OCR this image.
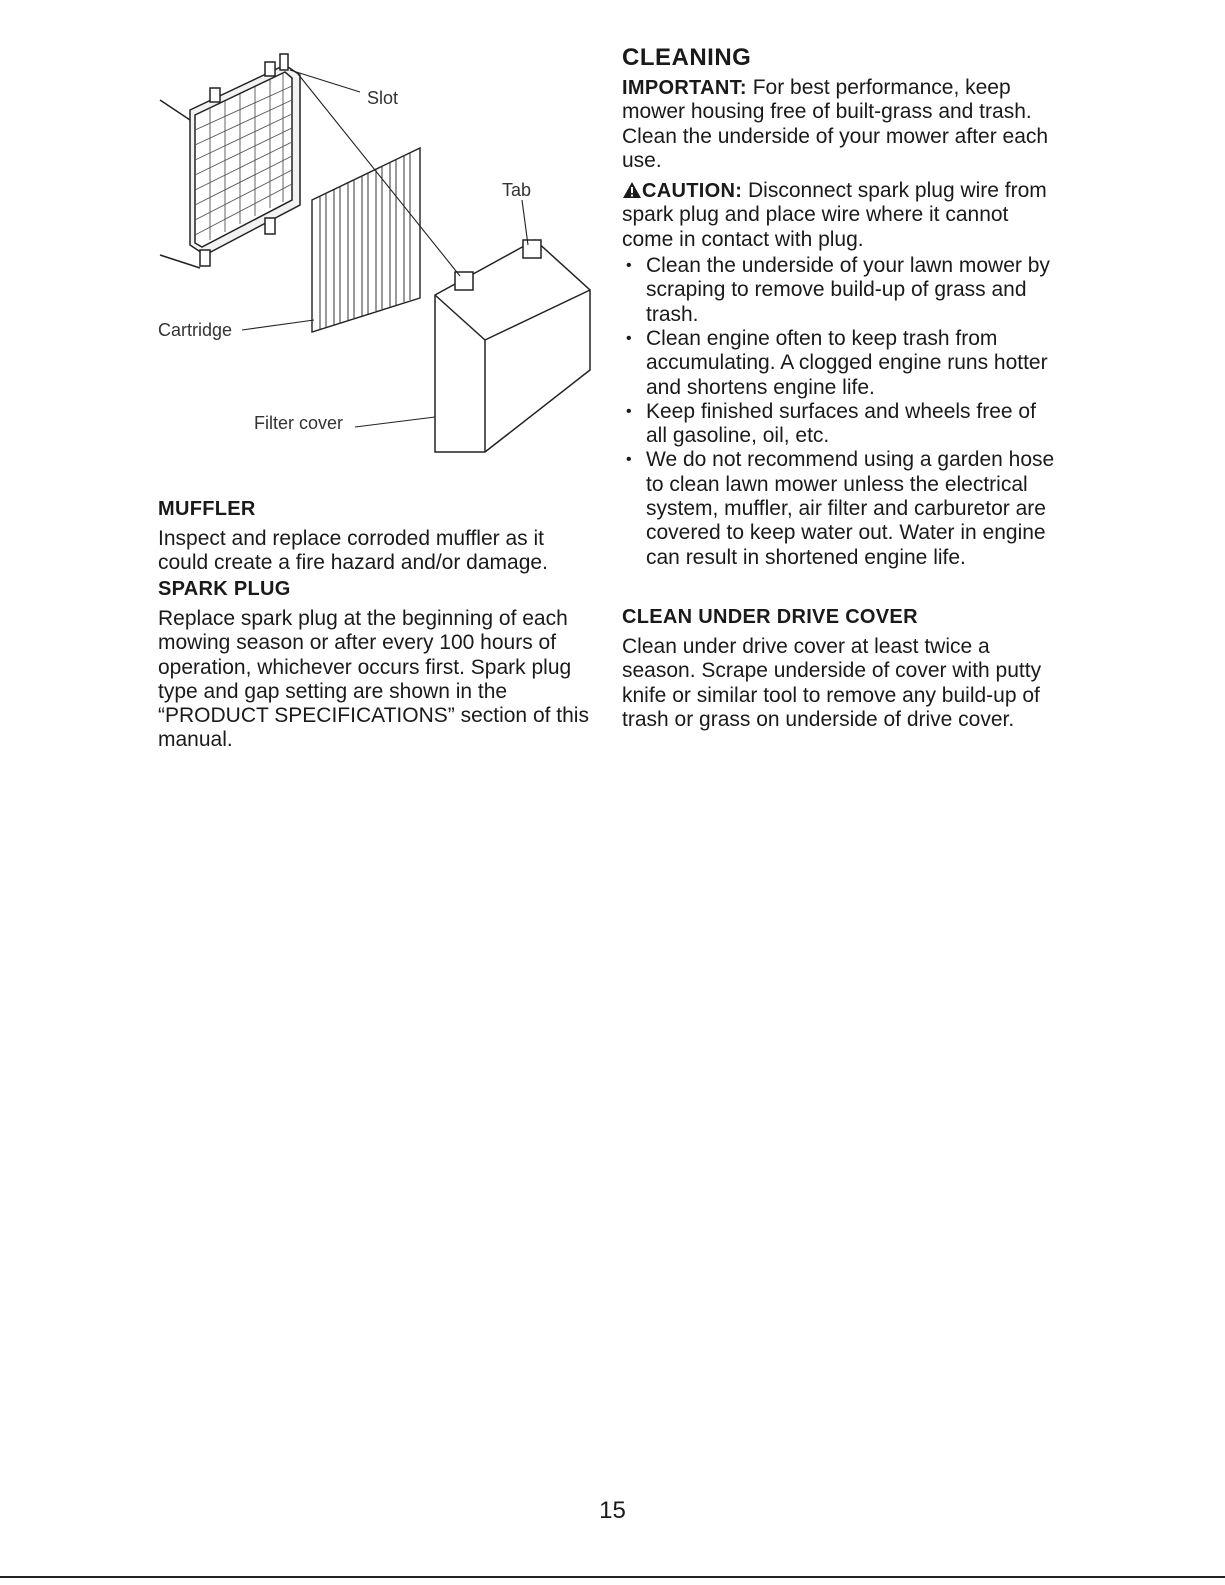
Slot
Tab
Cartridge
Filter cover
MUFFLER

Inspect and replace corroded muffler as it could create a fire hazard and/or damage.

SPARK PLUG

Replace spark plug at the beginning of each mowing season or after every 100 hours of operation, whichever occurs first. Spark plug type and gap setting are shown in the “PRODUCT SPECIFICATIONS” section of this manual.

CLEANING

IMPORTANT: For best performance, keep mower housing free of built-grass and trash. Clean the underside of your mower after each use.

CAUTION: Disconnect spark plug wire from spark plug and place wire where it cannot come in contact with plug.

• Clean the underside of your lawn mower by scraping to remove build-up of grass and trash.
• Clean engine often to keep trash from accumulating. A clogged engine runs hotter and shortens engine life.
• Keep finished surfaces and wheels free of all gasoline, oil, etc.
• We do not recommend using a garden hose to clean lawn mower unless the electrical system, muffler, air filter and carburetor are covered to keep water out. Water in engine can result in shortened engine life.
CLEAN UNDER DRIVE COVER

Clean under drive cover at least twice a season. Scrape underside of cover with putty knife or similar tool to remove any build-up of trash or grass on underside of drive cover.

15
